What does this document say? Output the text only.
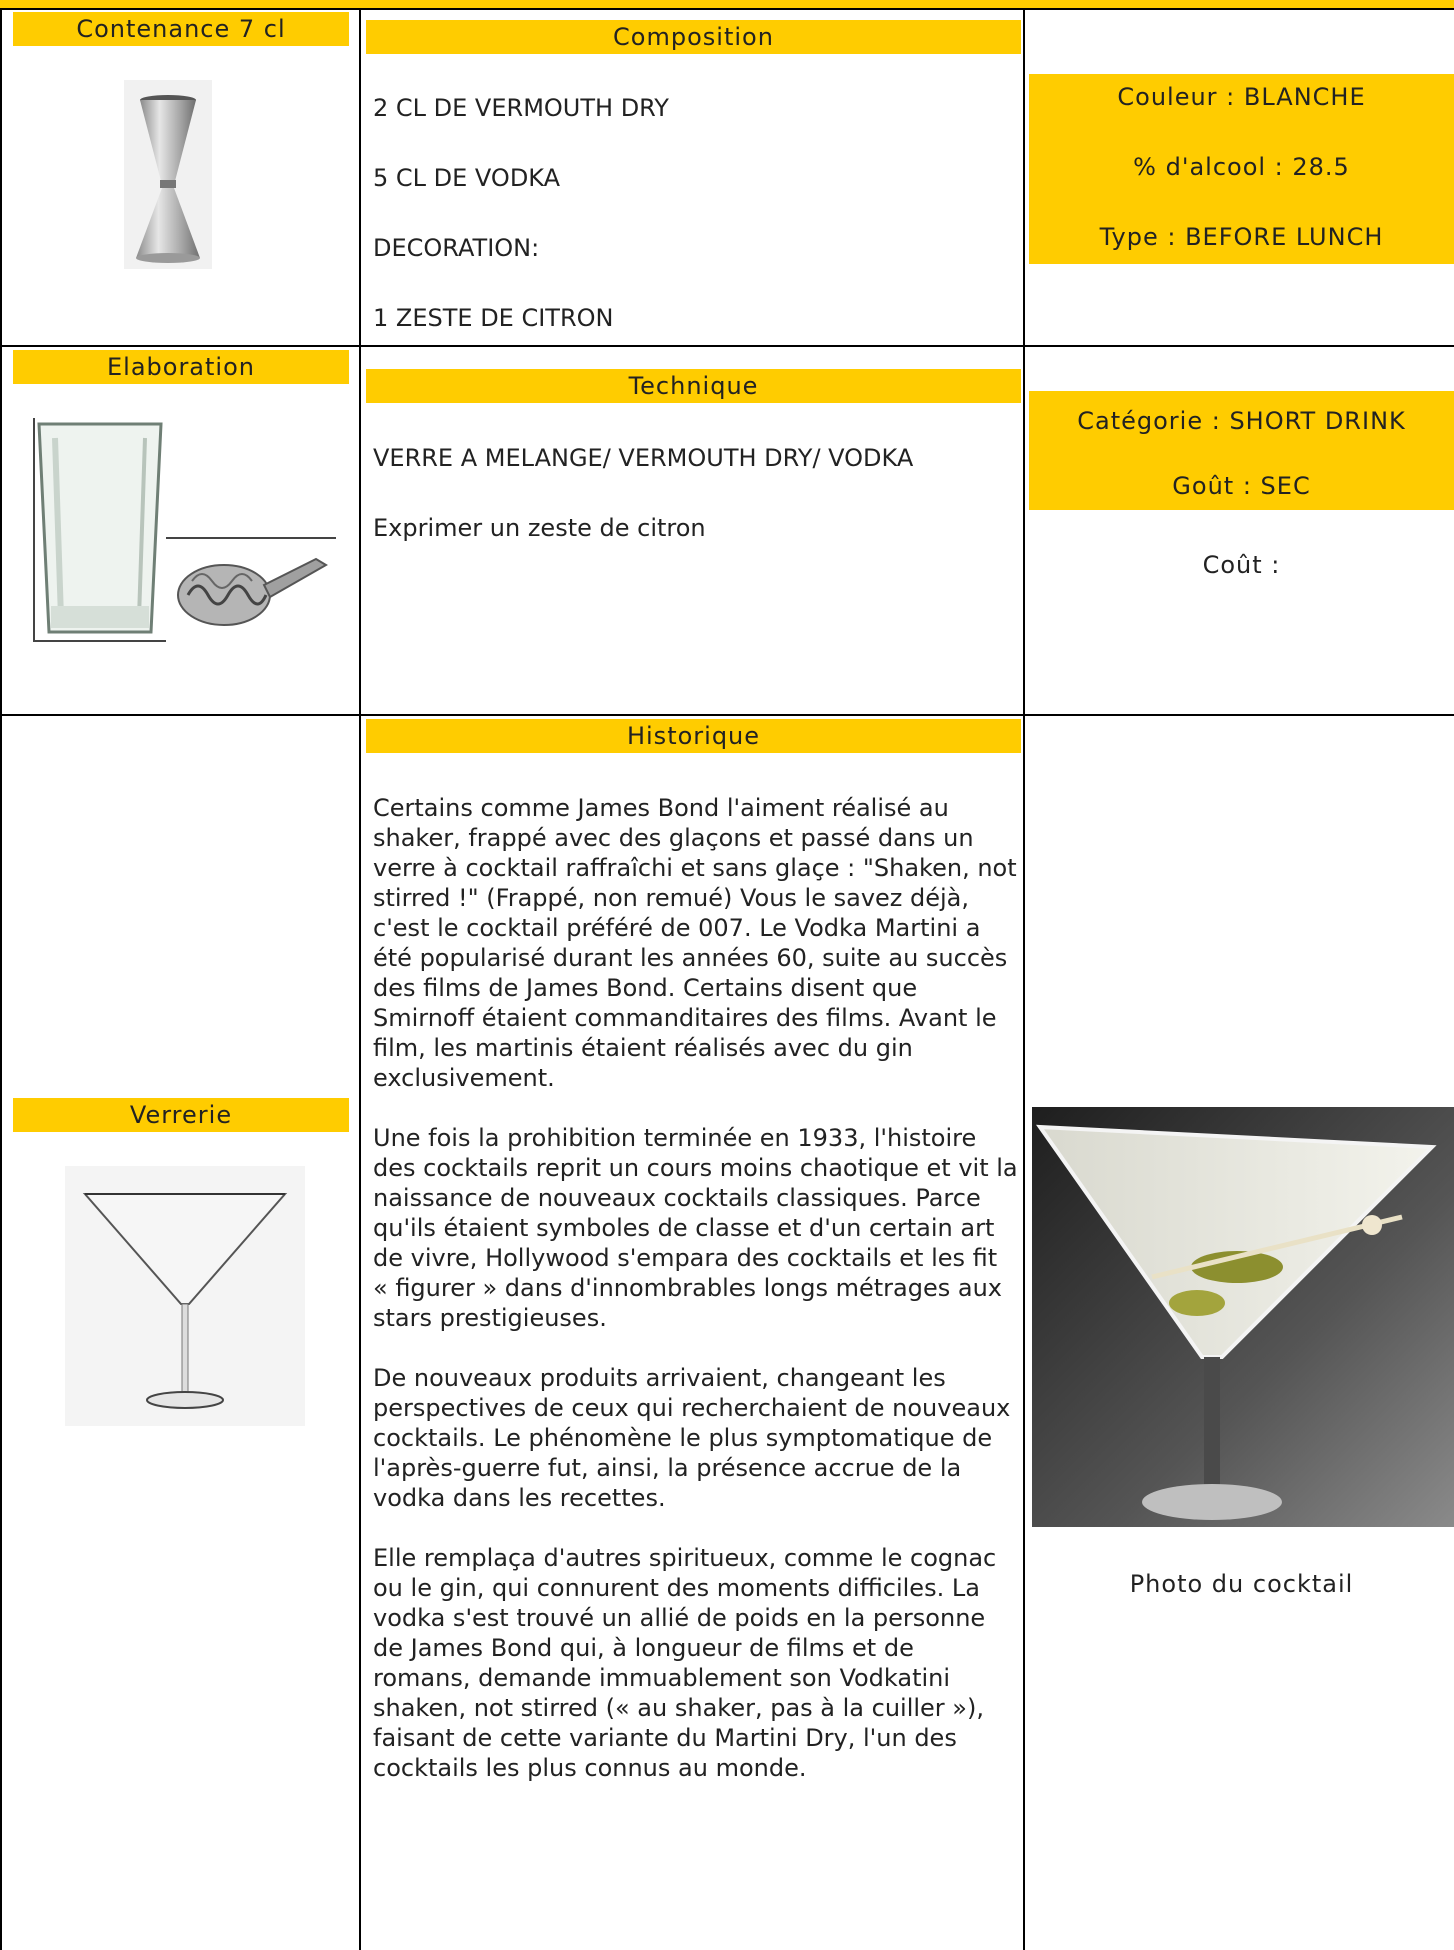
Contenance 7 cl	Composition
2 CL DE VERMOUTH DRY
5 CL DE VODKA
DECORATION:
1 ZESTE DE CITRON
Couleur : BLANCHE
% d'alcool : 28.5
Type : BEFORE LUNCH
Elaboration
Technique
VERRE A MELANGE/ VERMOUTH DRY/ VODKA
Exprimer un zeste de citron
Catégorie : SHORT DRINK
Goût : SEC
Coût :
Verrerie
Historique

Certains comme James Bond l'aiment réalisé au shaker, frappé avec des glaçons et passé dans un verre à cocktail raffraîchi et sans glaçe : "Shaken, not stirred !" (Frappé, non remué) Vous le savez déjà, c'est le cocktail préféré de 007. Le Vodka Martini a été popularisé durant les années 60, suite au succès des films de James Bond. Certains disent que Smirnoff étaient commanditaires des films. Avant le film, les martinis étaient réalisés avec du gin exclusivement.

Une fois la prohibition terminée en 1933, l'histoire des cocktails reprit un cours moins chaotique et vit la naissance de nouveaux cocktails classiques. Parce qu'ils étaient symboles de classe et d'un certain art de vivre, Hollywood s'empara des cocktails et les fit « figurer » dans d'innombrables longs métrages aux stars prestigieuses.

De nouveaux produits arrivaient, changeant les perspectives de ceux qui recherchaient de nouveaux cocktails. Le phénomène le plus symptomatique de l'après-guerre fut, ainsi, la présence accrue de la vodka dans les recettes.

Elle remplaça d'autres spiritueux, comme le cognac ou le gin, qui connurent des moments difficiles. La vodka s'est trouvé un allié de poids en la personne de James Bond qui, à longueur de films et de romans, demande immuablement son Vodkatini shaken, not stirred (« au shaker, pas à la cuiller »), faisant de cette variante du Martini Dry, l'un des cocktails les plus connus au monde.

Photo du cocktail
